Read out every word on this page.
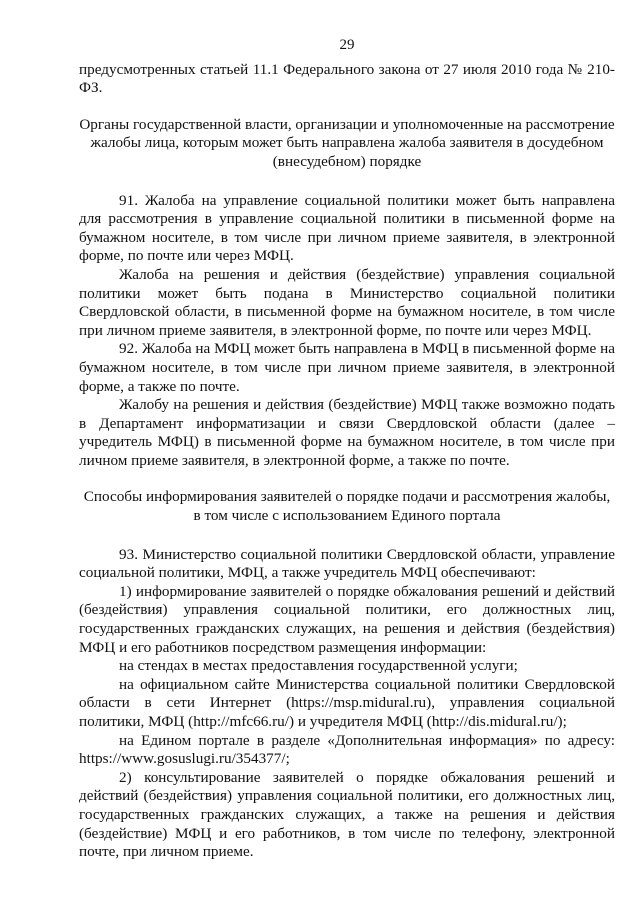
29

предусмотренных статьей 11.1 Федерального закона от 27 июля 2010 года № 210-ФЗ.

Органы государственной власти, организации и уполномоченные на рассмотрение жалобы лица, которым может быть направлена жалоба заявителя в досудебном (внесудебном) порядке

91. Жалоба на управление социальной политики может быть направлена для рассмотрения в управление социальной политики в письменной форме на бумажном носителе, в том числе при личном приеме заявителя, в электронной форме, по почте или через МФЦ.

Жалоба на решения и действия (бездействие) управления социальной политики может быть подана в Министерство социальной политики Свердловской области, в письменной форме на бумажном носителе, в том числе при личном приеме заявителя, в электронной форме, по почте или через МФЦ.

92. Жалоба на МФЦ может быть направлена в МФЦ в письменной форме на бумажном носителе, в том числе при личном приеме заявителя, в электронной форме, а также по почте.

Жалобу на решения и действия (бездействие) МФЦ также возможно подать в Департамент информатизации и связи Свердловской области (далее – учредитель МФЦ) в письменной форме на бумажном носителе, в том числе при личном приеме заявителя, в электронной форме, а также по почте.

Способы информирования заявителей о порядке подачи и рассмотрения жалобы, в том числе с использованием Единого портала

93. Министерство социальной политики Свердловской области, управление социальной политики, МФЦ, а также учредитель МФЦ обеспечивают:

1) информирование заявителей о порядке обжалования решений и действий (бездействия) управления социальной политики, его должностных лиц, государственных гражданских служащих, на решения и действия (бездействия) МФЦ и его работников посредством размещения информации:

на стендах в местах предоставления государственной услуги;

на официальном сайте Министерства социальной политики Свердловской области в сети Интернет (https://msp.midural.ru), управления социальной политики, МФЦ (http://mfc66.ru/) и учредителя МФЦ (http://dis.midural.ru/);

на Едином портале в разделе «Дополнительная информация» по адресу: https://www.gosuslugi.ru/354377/;

2) консультирование заявителей о порядке обжалования решений и действий (бездействия) управления социальной политики, его должностных лиц, государственных гражданских служащих, а также на решения и действия (бездействие) МФЦ и его работников, в том числе по телефону, электронной почте, при личном приеме.
